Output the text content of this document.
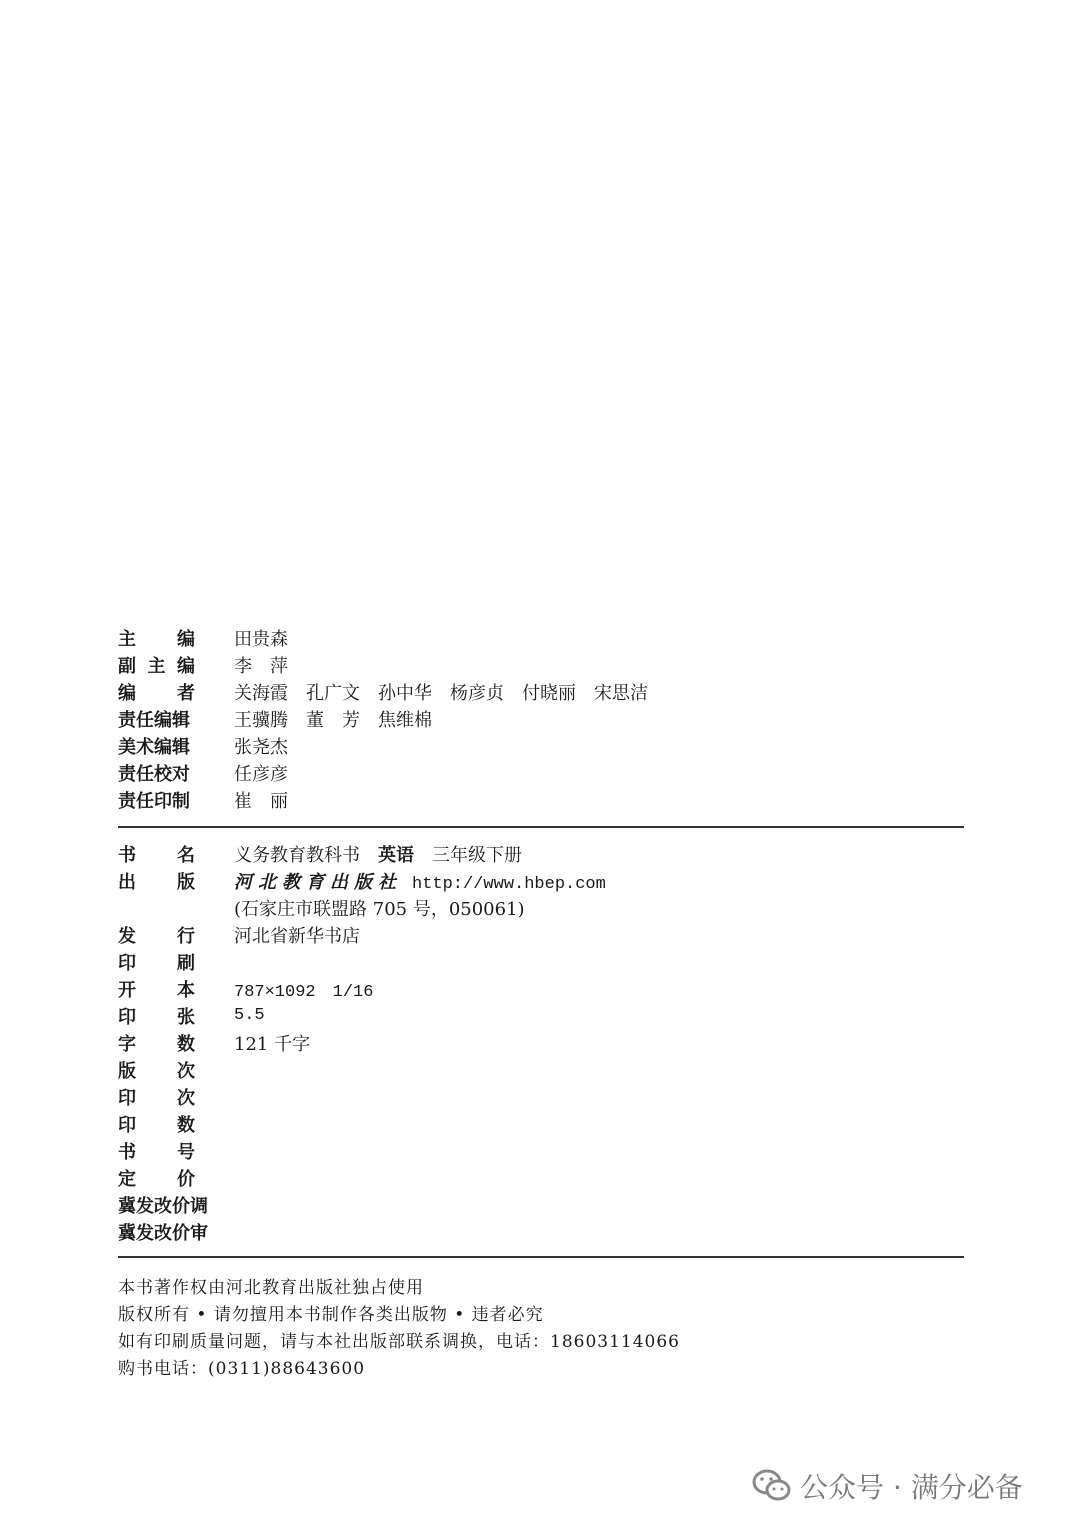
主 编 田贵森
副 主 编 李　萍
编 者 关海霞 孔广文 孙中华 杨彦贞 付晓丽 宋思洁
责任编辑	王骥腾 董　芳 焦维棉
美术编辑	张尧杰
责任校对	任彦彦
责任印制	崔　丽
书 名 义务教育教科书　 英语　 三年级下册
出 版 河北教育出版社 http://www.hbep.com
(石家庄市联盟路 705 号，050061)
发 行 河北省新华书店
印 刷
开 本 787×1092　1/16
印 张 5.5
字 数 121 千字
版 次
印 次
印 数
书 号
定 价
冀发改价调
冀发改价审
本书著作权由河北教育出版社独占使用
版权所有 • 请勿擅用本书制作各类出版物 • 违者必究
如有印刷质量问题，请与本社出版部联系调换，电话：18603114066
购书电话：(0311)88643600
公众号 · 满分必备
